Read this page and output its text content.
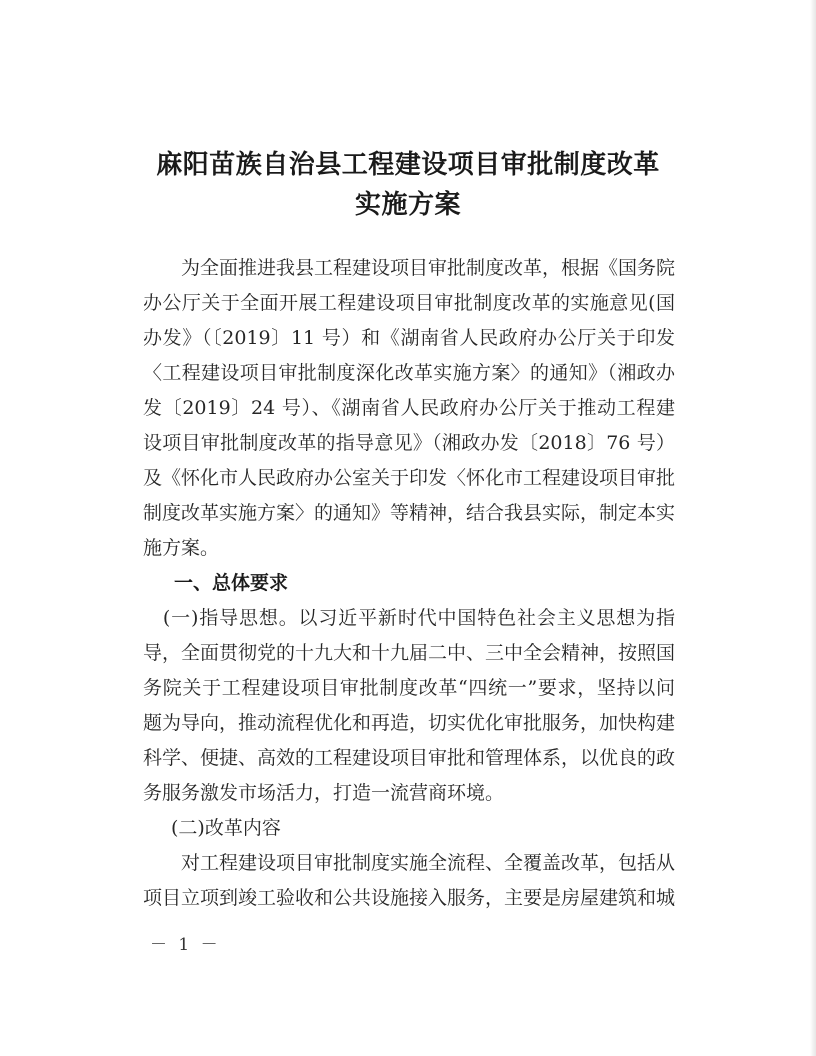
麻阳苗族自治县工程建设项目审批制度改革
实施方案
　　为全面推进我县工程建设项目审批制度改革，根据《国务院
办公厅关于全面开展工程建设项目审批制度改革的实施意见(国
办发》（〔2019〕11 号）和《湖南省人民政府办公厅关于印发
〈工程建设项目审批制度深化改革实施方案〉的通知》（湘政办
发〔2019〕24 号）、《湖南省人民政府办公厅关于推动工程建
设项目审批制度改革的指导意见》（湘政办发〔2018〕76 号）
及《怀化市人民政府办公室关于印发〈怀化市工程建设项目审批
制度改革实施方案〉的通知》等精神，结合我县实际，制定本实
施方案。
一、总体要求
　(一)指导思想。以习近平新时代中国特色社会主义思想为指
导，全面贯彻党的十九大和十九届二中、三中全会精神，按照国
务院关于工程建设项目审批制度改革“四统一”要求，坚持以问
题为导向，推动流程优化和再造，切实优化审批服务，加快构建
科学、便捷、高效的工程建设项目审批和管理体系，以优良的政
务服务激发市场活力，打造一流营商环境。
(二)改革内容
　　对工程建设项目审批制度实施全流程、全覆盖改革，包括从
项目立项到竣工验收和公共设施接入服务，主要是房屋建筑和城
－ 1 －
